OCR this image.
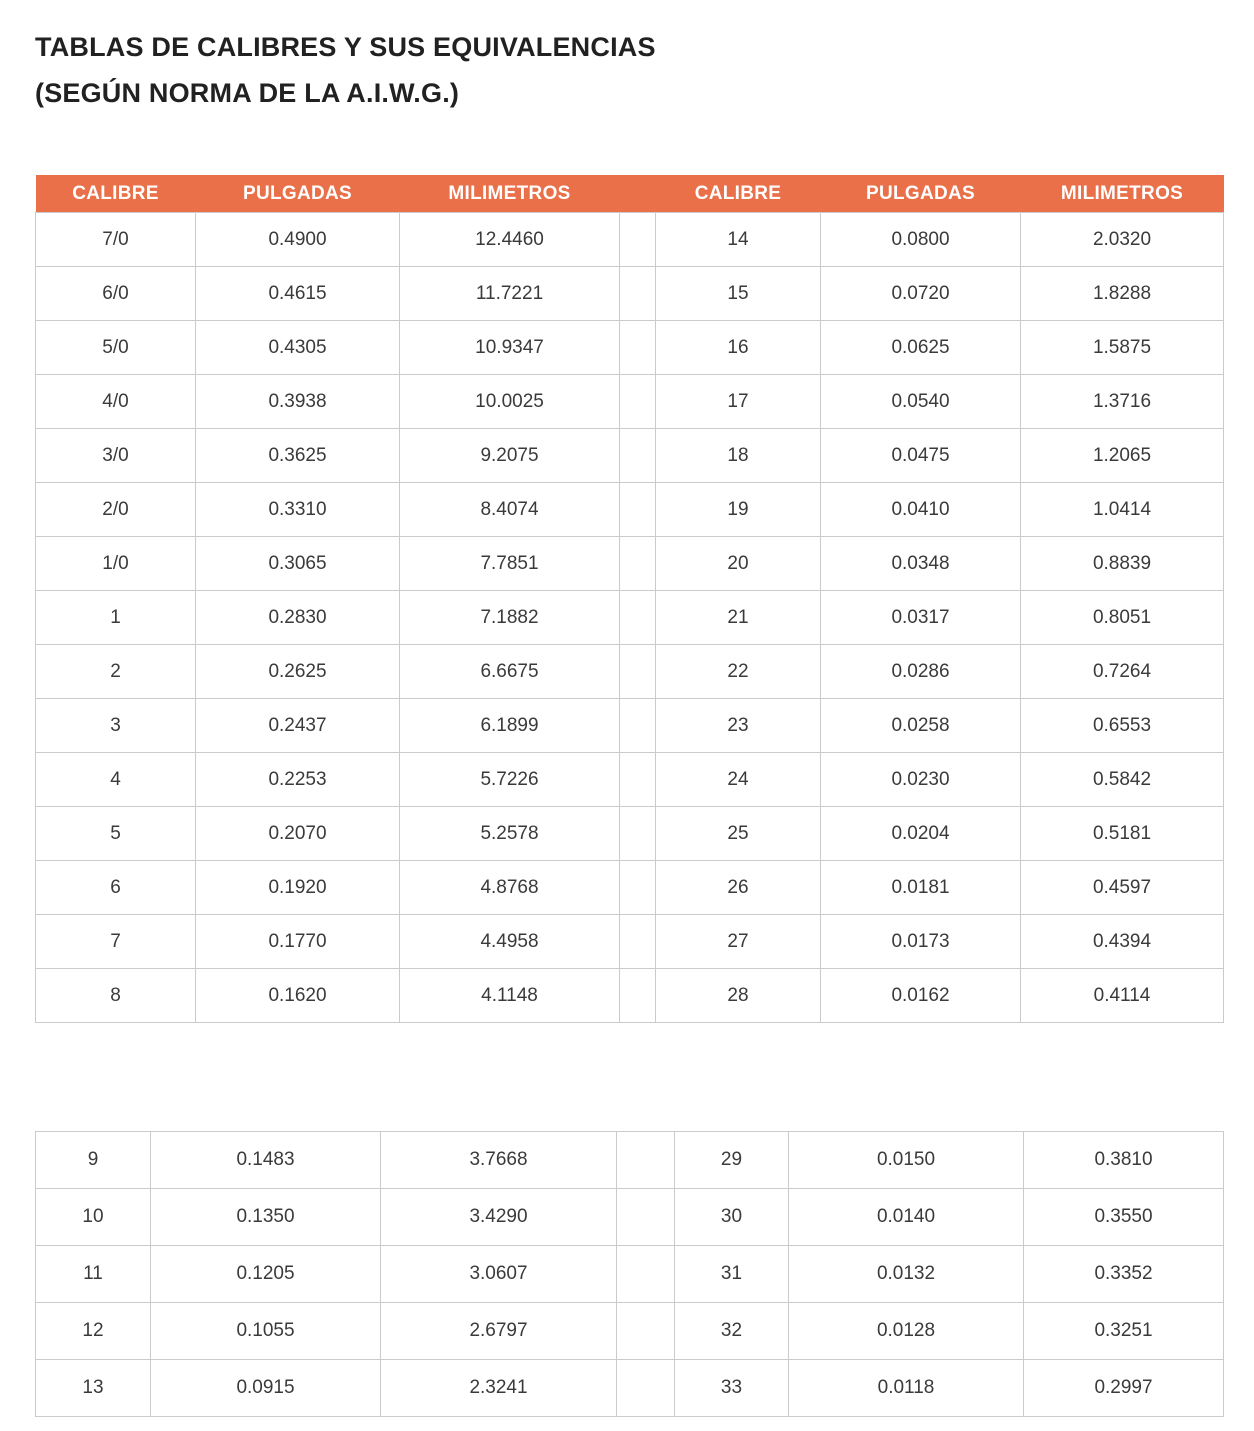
TABLAS DE CALIBRES Y SUS EQUIVALENCIAS
(SEGÚN NORMA DE LA A.I.W.G.)
CALIBRE	PULGADAS	MILIMETROS		CALIBRE	PULGADAS	MILIMETROS
7/0	0.4900	12.4460		14	0.0800	2.0320
6/0	0.4615	11.7221		15	0.0720	1.8288
5/0	0.4305	10.9347		16	0.0625	1.5875
4/0	0.3938	10.0025		17	0.0540	1.3716
3/0	0.3625	9.2075		18	0.0475	1.2065
2/0	0.3310	8.4074		19	0.0410	1.0414
1/0	0.3065	7.7851		20	0.0348	0.8839
1	0.2830	7.1882		21	0.0317	0.8051
2	0.2625	6.6675		22	0.0286	0.7264
3	0.2437	6.1899		23	0.0258	0.6553
4	0.2253	5.7226		24	0.0230	0.5842
5	0.2070	5.2578		25	0.0204	0.5181
6	0.1920	4.8768		26	0.0181	0.4597
7	0.1770	4.4958		27	0.0173	0.4394
8	0.1620	4.1148		28	0.0162	0.4114
9	0.1483	3.7668		29	0.0150	0.3810
10	0.1350	3.4290		30	0.0140	0.3550
11	0.1205	3.0607		31	0.0132	0.3352
12	0.1055	2.6797		32	0.0128	0.3251
13	0.0915	2.3241		33	0.0118	0.2997
